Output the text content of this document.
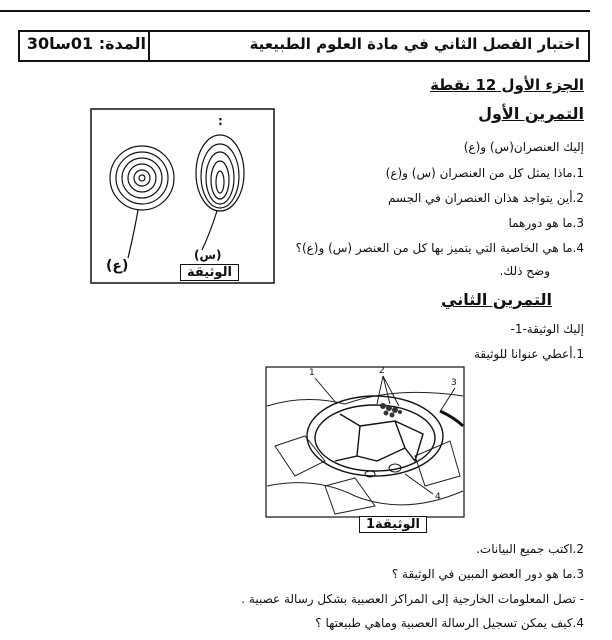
المدة: 01سا30	اختبار الفصل الثاني في مادة العلوم الطبيعية
الجزء الأول 12 نقطة
التمرين الأول
إليك العنصران(س) و(ع)
1.ماذا يمثل كل من العنصران (س) و(ع)
2.أين يتواجد هذان العنصران في الجسم
3.ما هو دورهما
4.ما هي الخاصية التي يتميز بها كل من العنصر (س) و(ع)؟
وضح ذلك.
:
(س)
(ع)	الوثيقة
التمرين الثاني
إليك الوثيقة-1-
1.أعطي عنوانا للوثيقة
1	2
3
4
الوثيقة1
2.اكتب جميع البيانات.
3.ما هو دور العضو المبين في الوثيقة ؟
- تصل المعلومات الخارجية إلى المراكز العصبية بشكل رسالة عصبية .
4.كيف يمكن تسجيل الرسالة العصبية وماهي طبيعتها ؟
